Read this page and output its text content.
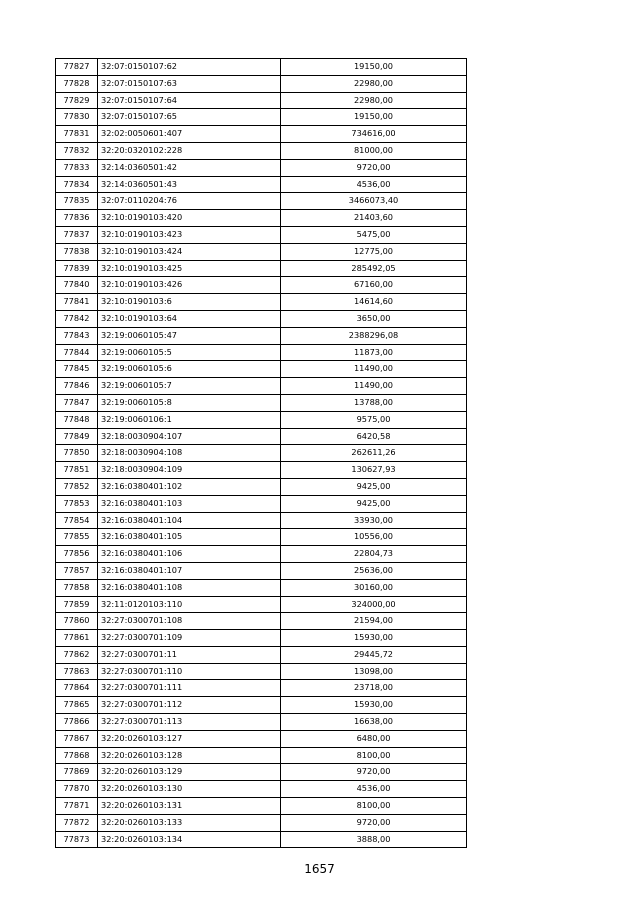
77827	32:07:0150107:62	19150,00
77828	32:07:0150107:63	22980,00
77829	32:07:0150107:64	22980,00
77830	32:07:0150107:65	19150,00
77831	32:02:0050601:407	734616,00
77832	32:20:0320102:228	81000,00
77833	32:14:0360501:42	9720,00
77834	32:14:0360501:43	4536,00
77835	32:07:0110204:76	3466073,40
77836	32:10:0190103:420	21403,60
77837	32:10:0190103:423	5475,00
77838	32:10:0190103:424	12775,00
77839	32:10:0190103:425	285492,05
77840	32:10:0190103:426	67160,00
77841	32:10:0190103:6	14614,60
77842	32:10:0190103:64	3650,00
77843	32:19:0060105:47	2388296,08
77844	32:19:0060105:5	11873,00
77845	32:19:0060105:6	11490,00
77846	32:19:0060105:7	11490,00
77847	32:19:0060105:8	13788,00
77848	32:19:0060106:1	9575,00
77849	32:18:0030904:107	6420,58
77850	32:18:0030904:108	262611,26
77851	32:18:0030904:109	130627,93
77852	32:16:0380401:102	9425,00
77853	32:16:0380401:103	9425,00
77854	32:16:0380401:104	33930,00
77855	32:16:0380401:105	10556,00
77856	32:16:0380401:106	22804,73
77857	32:16:0380401:107	25636,00
77858	32:16:0380401:108	30160,00
77859	32:11:0120103:110	324000,00
77860	32:27:0300701:108	21594,00
77861	32:27:0300701:109	15930,00
77862	32:27:0300701:11	29445,72
77863	32:27:0300701:110	13098,00
77864	32:27:0300701:111	23718,00
77865	32:27:0300701:112	15930,00
77866	32:27:0300701:113	16638,00
77867	32:20:0260103:127	6480,00
77868	32:20:0260103:128	8100,00
77869	32:20:0260103:129	9720,00
77870	32:20:0260103:130	4536,00
77871	32:20:0260103:131	8100,00
77872	32:20:0260103:133	9720,00
77873	32:20:0260103:134	3888,00
1657
